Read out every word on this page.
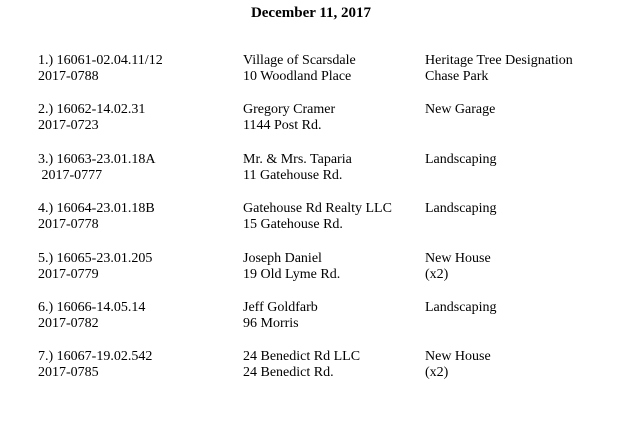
December 11, 2017
1.) 16061-02.04.11/12
2017-0788
Village of Scarsdale
10 Woodland Place
Heritage Tree Designation
Chase Park
2.) 16062-14.02.31
2017-0723
Gregory Cramer
1144 Post Rd.
New Garage
3.) 16063-23.01.18A
2017-0777
Mr. & Mrs. Taparia
11 Gatehouse Rd.
Landscaping
4.) 16064-23.01.18B
2017-0778
Gatehouse Rd Realty LLC
15 Gatehouse Rd.
Landscaping
5.) 16065-23.01.205
2017-0779
Joseph Daniel
19 Old Lyme Rd.
New House
(x2)
6.) 16066-14.05.14
2017-0782
Jeff Goldfarb
96 Morris
Landscaping
7.) 16067-19.02.542
2017-0785
24 Benedict Rd LLC
24 Benedict Rd.
New House
(x2)
